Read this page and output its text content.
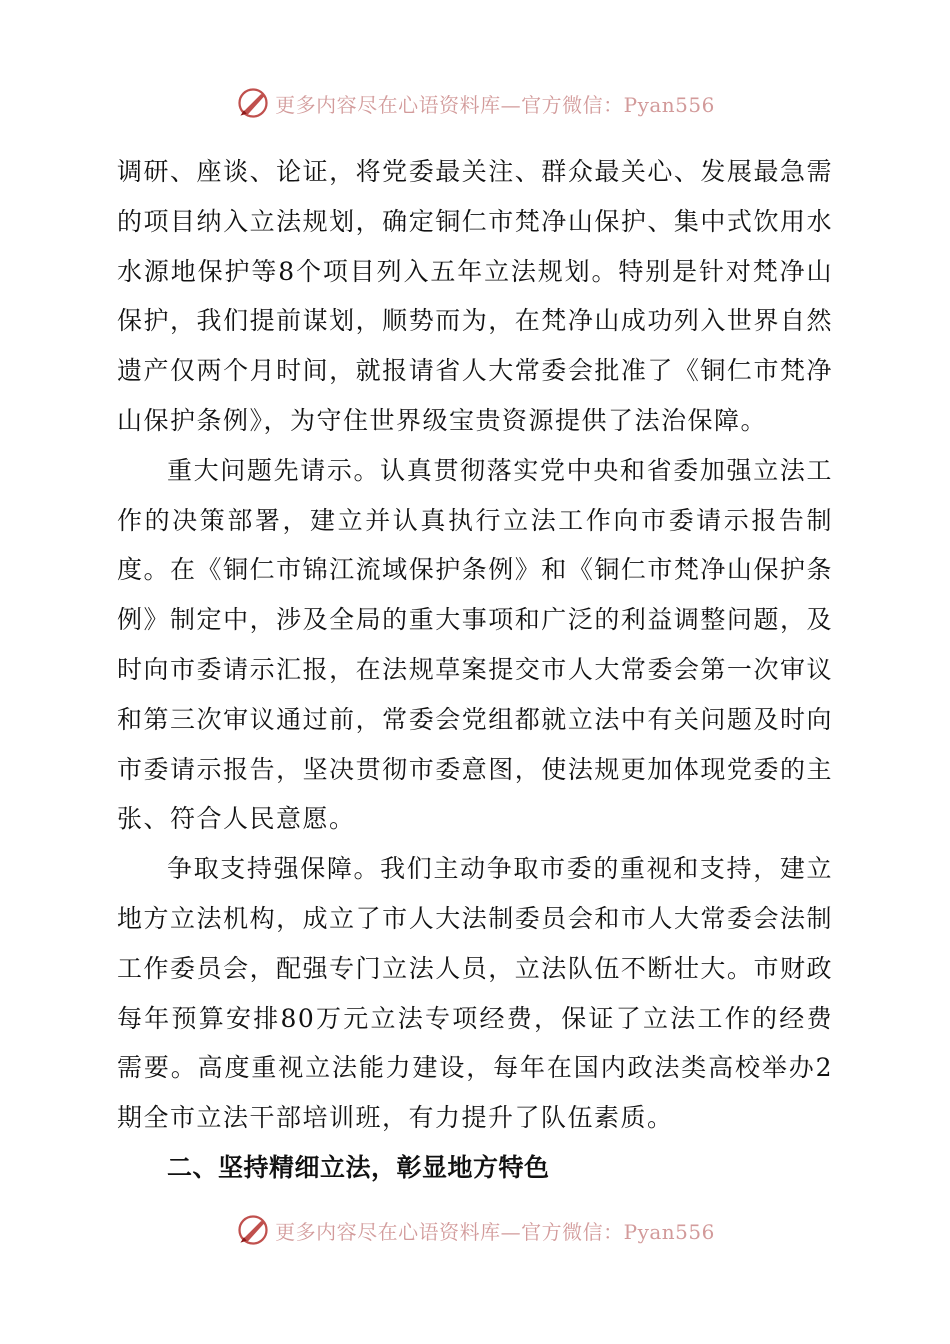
更多内容尽在心语资料库—官方微信：Pyan556

调研、座谈、论证，将党委最关注、群众最关心、发展最急需的项目纳入立法规划，确定铜仁市梵净山保护、集中式饮用水水源地保护等8个项目列入五年立法规划。特别是针对梵净山保护，我们提前谋划，顺势而为，在梵净山成功列入世界自然遗产仅两个月时间，就报请省人大常委会批准了《铜仁市梵净山保护条例》，为守住世界级宝贵资源提供了法治保障。

重大问题先请示。认真贯彻落实党中央和省委加强立法工作的决策部署，建立并认真执行立法工作向市委请示报告制度。在《铜仁市锦江流域保护条例》和《铜仁市梵净山保护条例》制定中，涉及全局的重大事项和广泛的利益调整问题，及时向市委请示汇报，在法规草案提交市人大常委会第一次审议和第三次审议通过前，常委会党组都就立法中有关问题及时向市委请示报告，坚决贯彻市委意图，使法规更加体现党委的主张、符合人民意愿。

争取支持强保障。我们主动争取市委的重视和支持，建立地方立法机构，成立了市人大法制委员会和市人大常委会法制工作委员会，配强专门立法人员，立法队伍不断壮大。市财政每年预算安排80万元立法专项经费，保证了立法工作的经费需要。高度重视立法能力建设，每年在国内政法类高校举办2期全市立法干部培训班，有力提升了队伍素质。

二、坚持精细立法，彰显地方特色

更多内容尽在心语资料库—官方微信：Pyan556
